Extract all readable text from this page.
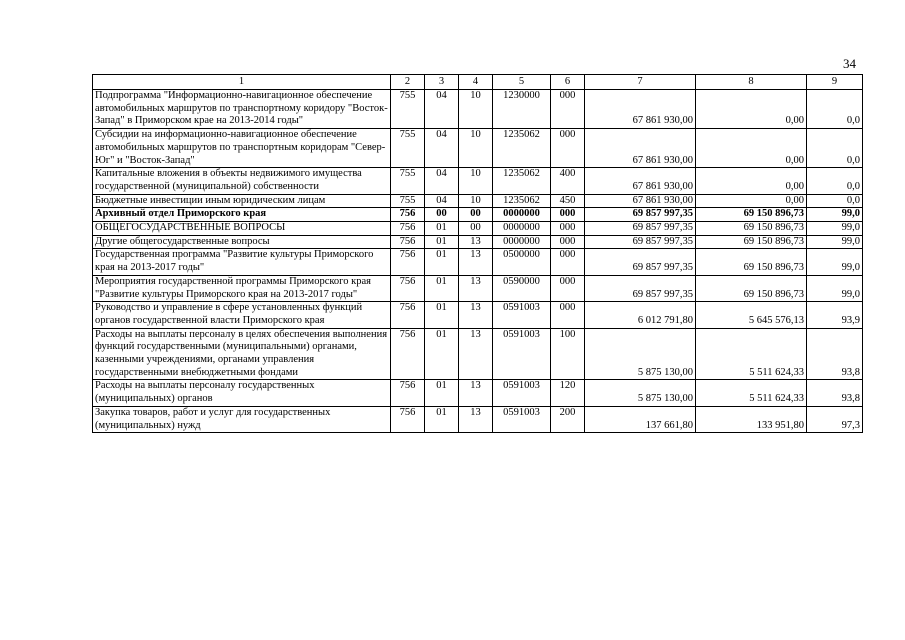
34
1	2	3	4	5	6	7	8	9
Подпрограмма "Информационно-навигационное обеспечение автомобильных маршрутов по транспортному коридору "Восток-Запад" в Приморском крае на 2013-2014 годы"	755	04	10	1230000	000	67 861 930,00	0,00	0,0
Субсидии на информационно-навигационное обеспечение автомобильных маршрутов по транспортным коридорам "Север-Юг" и "Восток-Запад"	755	04	10	1235062	000	67 861 930,00	0,00	0,0
Капитальные вложения в объекты недвижимого имущества государственной (муниципальной) собственности	755	04	10	1235062	400	67 861 930,00	0,00	0,0
Бюджетные инвестиции иным юридическим лицам	755	04	10	1235062	450	67 861 930,00	0,00	0,0
Архивный отдел Приморского края	756	00	00	0000000	000	69 857 997,35	69 150 896,73	99,0
ОБЩЕГОСУДАРСТВЕННЫЕ ВОПРОСЫ	756	01	00	0000000	000	69 857 997,35	69 150 896,73	99,0
Другие общегосударственные вопросы	756	01	13	0000000	000	69 857 997,35	69 150 896,73	99,0
Государственная программа "Развитие культуры Приморского края на 2013-2017 годы"	756	01	13	0500000	000	69 857 997,35	69 150 896,73	99,0
Мероприятия государственной программы Приморского края "Развитие культуры Приморского края на 2013-2017 годы"	756	01	13	0590000	000	69 857 997,35	69 150 896,73	99,0
Руководство и управление в сфере установленных функций органов государственной власти Приморского края	756	01	13	0591003	000	6 012 791,80	5 645 576,13	93,9
Расходы на выплаты персоналу в целях обеспечения выполнения функций государственными (муниципальными) органами, казенными учреждениями, органами управления государственными внебюджетными фондами	756	01	13	0591003	100	5 875 130,00	5 511 624,33	93,8
Расходы на выплаты персоналу государственных (муниципальных) органов	756	01	13	0591003	120	5 875 130,00	5 511 624,33	93,8
Закупка товаров, работ и услуг для государственных (муниципальных) нужд	756	01	13	0591003	200	137 661,80	133 951,80	97,3
